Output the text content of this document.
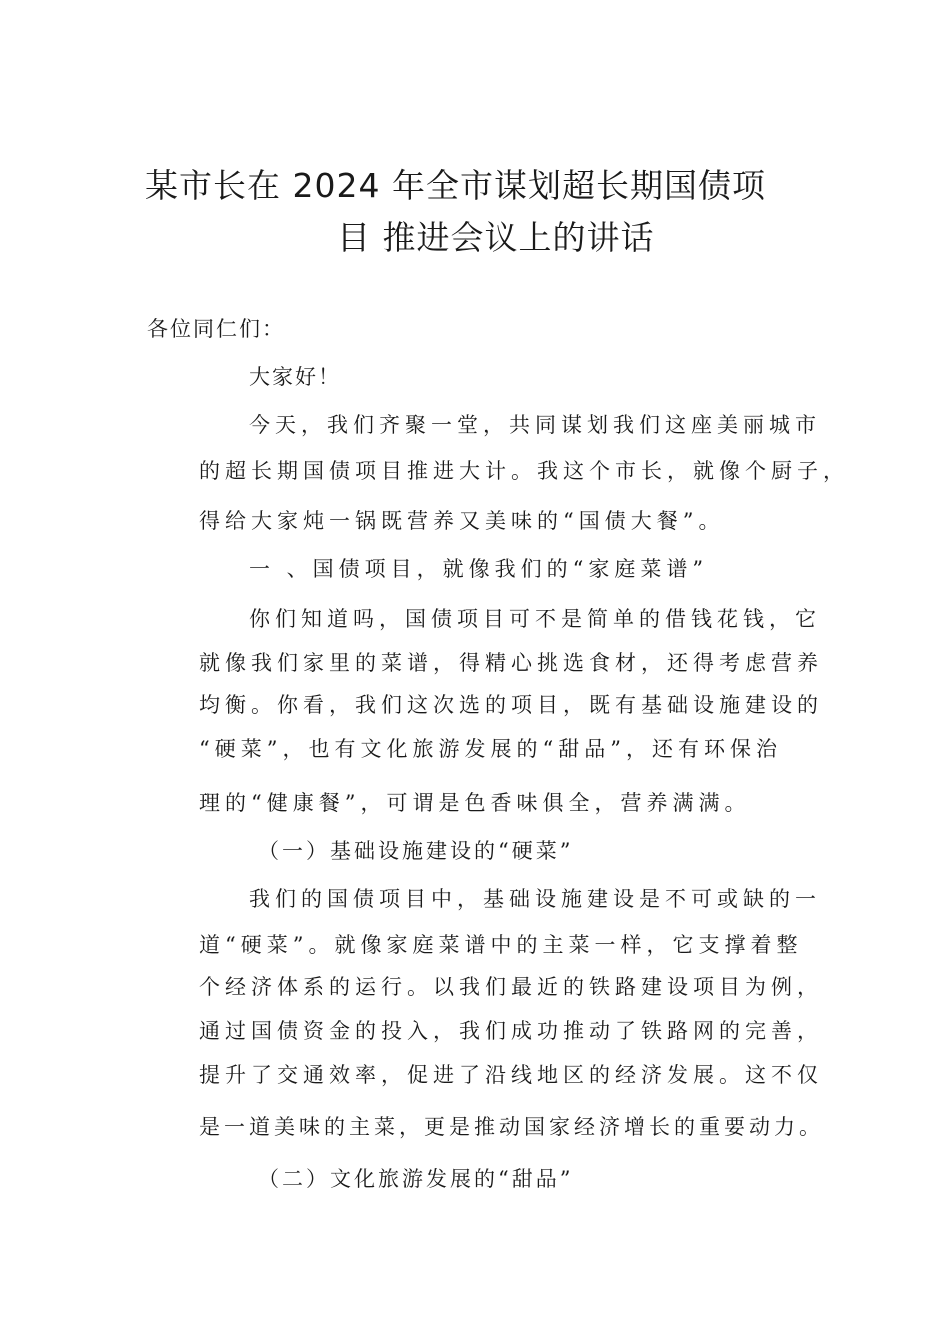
某市长在 2024 年全市谋划超长期国债项
目 推进会议上的讲话
各位同仁们：
大家好！
今天，我们齐聚一堂，共同谋划我们这座美丽城市
的超长期国债项目推进大计。我这个市长，就像个厨子，
得给大家炖一锅既营养又美味的“国债大餐”。
一 、国债项目，就像我们的“家庭菜谱”
你们知道吗，国债项目可不是简单的借钱花钱，它
就像我们家里的菜谱，得精心挑选食材，还得考虑营养
均衡。你看，我们这次选的项目，既有基础设施建设的
“硬菜”，也有文化旅游发展的“甜品”，还有环保治
理的“健康餐”，可谓是色香味俱全，营养满满。
（一）基础设施建设的“硬菜”
我们的国债项目中，基础设施建设是不可或缺的一
道“硬菜”。就像家庭菜谱中的主菜一样，它支撑着整
个经济体系的运行。以我们最近的铁路建设项目为例，
通过国债资金的投入，我们成功推动了铁路网的完善，
提升了交通效率，促进了沿线地区的经济发展。这不仅
是一道美味的主菜，更是推动国家经济增长的重要动力。
（二）文化旅游发展的“甜品”
